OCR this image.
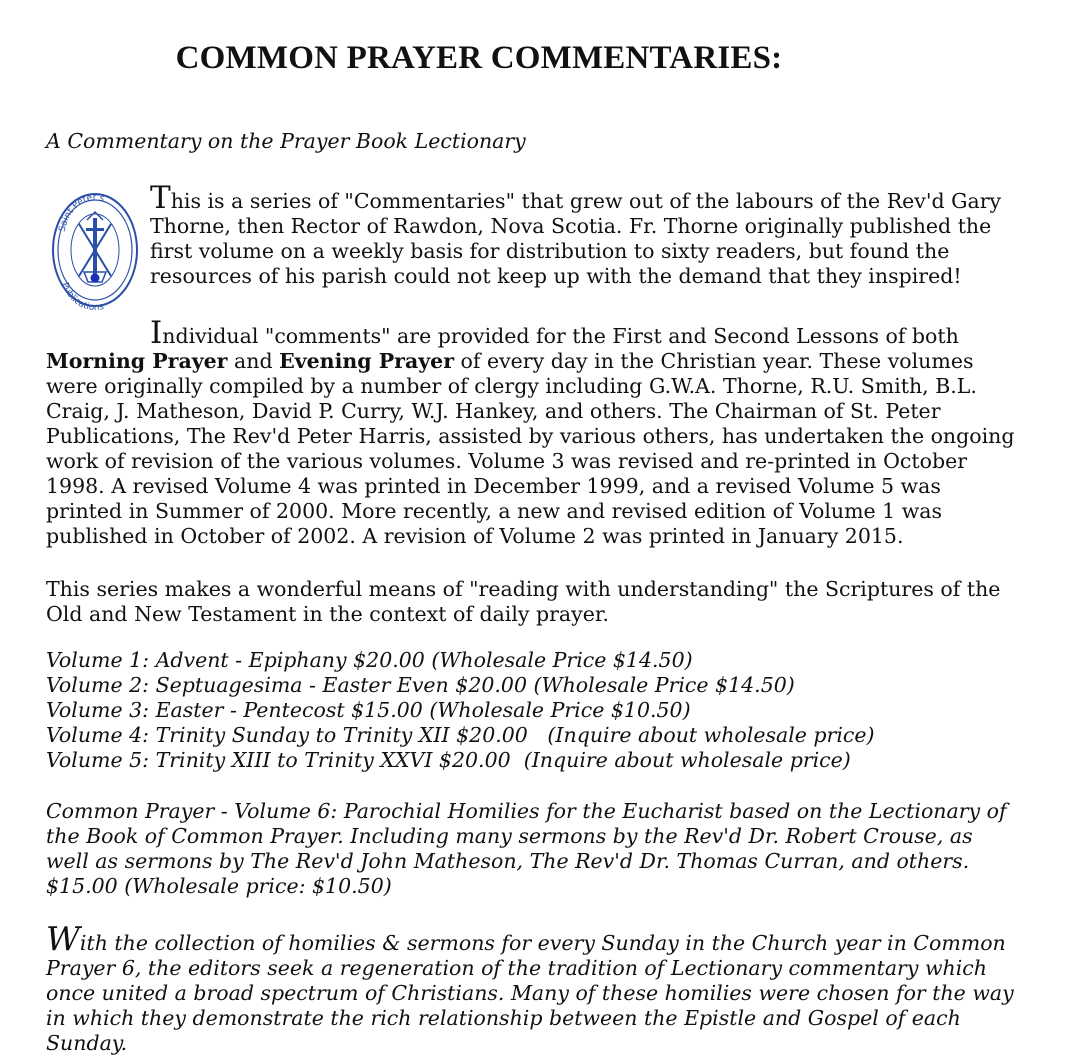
COMMON PRAYER COMMENTARIES:

A Commentary on the Prayer Book Lectionary

Saint Peter's
Publications

This is a series of "Commentaries" that grew out of the labours of the Rev'd Gary Thorne, then Rector of Rawdon, Nova Scotia. Fr. Thorne originally published the first volume on a weekly basis for distribution to sixty readers, but found the resources of his parish could not keep up with the demand that they inspired!

Individual "comments" are provided for the First and Second Lessons of both Morning Prayer and Evening Prayer of every day in the Christian year. These volumes were originally compiled by a number of clergy including G.W.A. Thorne, R.U. Smith, B.L. Craig, J. Matheson, David P. Curry, W.J. Hankey, and others. The Chairman of St. Peter Publications, The Rev'd Peter Harris, assisted by various others, has undertaken the ongoing work of revision of the various volumes. Volume 3 was revised and re-printed in October 1998. A revised Volume 4 was printed in December 1999, and a revised Volume 5 was printed in Summer of 2000. More recently, a new and revised edition of Volume 1 was published in October of 2002. A revision of Volume 2 was printed in January 2015.

This series makes a wonderful means of "reading with understanding" the Scriptures of the Old and New Testament in the context of daily prayer.

Volume 1: Advent - Epiphany $20.00 (Wholesale Price $14.50)
Volume 2: Septuagesima - Easter Even $20.00 (Wholesale Price $14.50)
Volume 3: Easter - Pentecost $15.00 (Wholesale Price $10.50)
Volume 4: Trinity Sunday to Trinity XII $20.00   (Inquire about wholesale price)
Volume 5: Trinity XIII to Trinity XXVI $20.00  (Inquire about wholesale price)

Common Prayer - Volume 6: Parochial Homilies for the Eucharist based on the Lectionary of the Book of Common Prayer. Including many sermons by the Rev'd Dr. Robert Crouse, as well as sermons by The Rev'd John Matheson, The Rev'd Dr. Thomas Curran, and others.
$15.00 (Wholesale price: $10.50)

With the collection of homilies & sermons for every Sunday in the Church year in Common Prayer 6, the editors seek a regeneration of the tradition of Lectionary commentary which once united a broad spectrum of Christians. Many of these homilies were chosen for the way in which they demonstrate the rich relationship between the Epistle and Gospel of each Sunday.
